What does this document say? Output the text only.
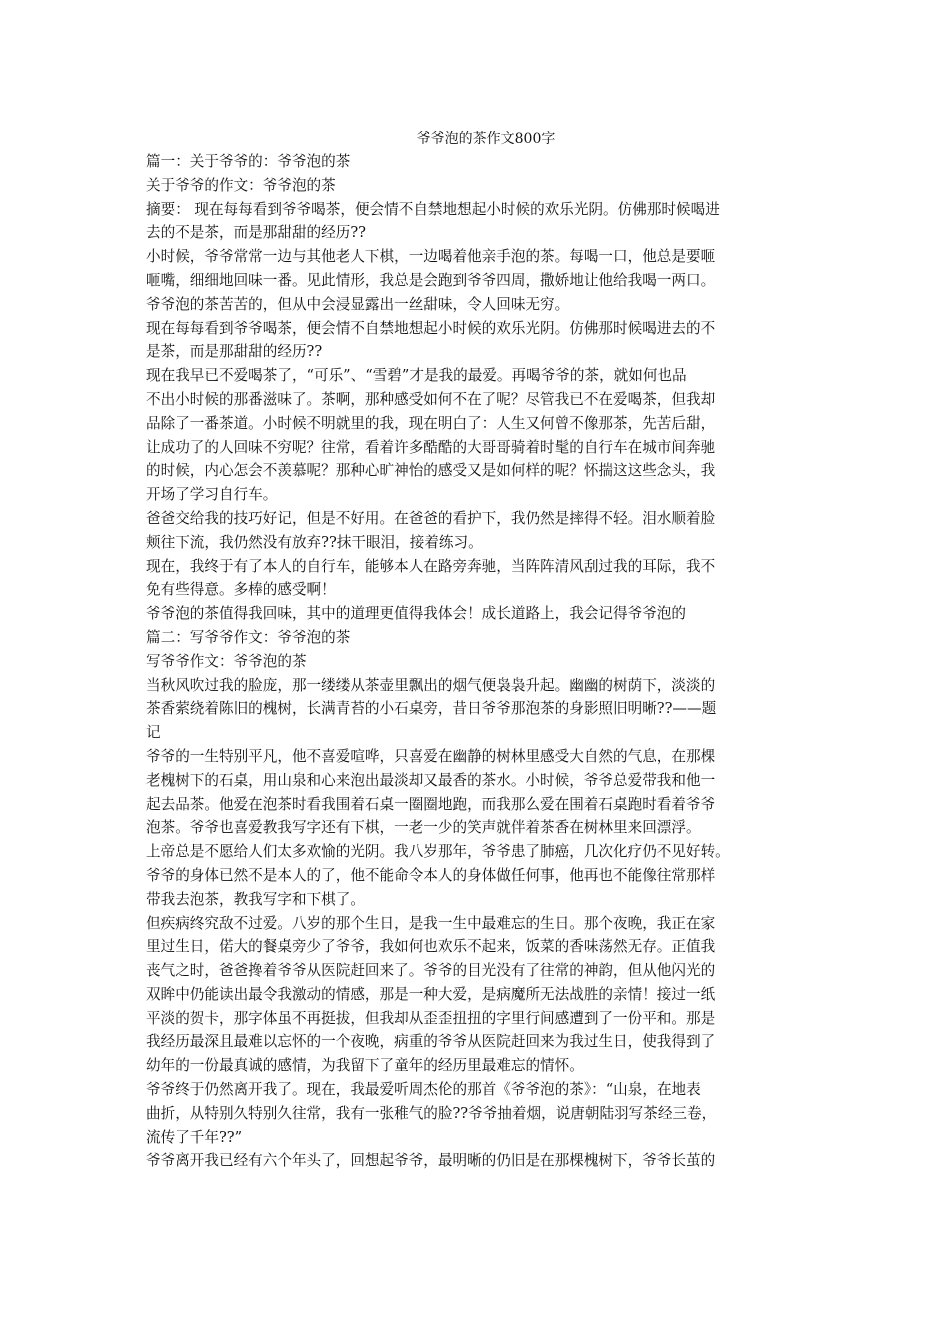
爷爷泡的茶作文800字
篇一：关于爷爷的：爷爷泡的茶
关于爷爷的作文：爷爷泡的茶
摘要： 现在每每看到爷爷喝茶，便会情不自禁地想起小时候的欢乐光阴。仿佛那时候喝进
去的不是茶，而是那甜甜的经历??
小时候，爷爷常常一边与其他老人下棋，一边喝着他亲手泡的茶。每喝一口，他总是要咂
咂嘴，细细地回味一番。见此情形，我总是会跑到爷爷四周，撒娇地让他给我喝一两口。
爷爷泡的茶苦苦的，但从中会浸显露出一丝甜味，令人回味无穷。
现在每每看到爷爷喝茶，便会情不自禁地想起小时候的欢乐光阴。仿佛那时候喝进去的不
是茶，而是那甜甜的经历??
现在我早已不爱喝茶了，“可乐”、“雪碧”才是我的最爱。再喝爷爷的茶，就如何也品
不出小时候的那番滋味了。茶啊，那种感受如何不在了呢？尽管我已不在爱喝茶，但我却
品除了一番茶道。小时候不明就里的我，现在明白了：人生又何曾不像那茶，先苦后甜，
让成功了的人回味不穷呢？往常，看着许多酷酷的大哥哥骑着时髦的自行车在城市间奔驰
的时候，内心怎会不羡慕呢？那种心旷神怡的感受又是如何样的呢？怀揣这这些念头，我
开场了学习自行车。
爸爸交给我的技巧好记，但是不好用。在爸爸的看护下，我仍然是摔得不轻。泪水顺着脸
颊往下流，我仍然没有放弃??抹干眼泪，接着练习。
现在，我终于有了本人的自行车，能够本人在路旁奔驰，当阵阵清风刮过我的耳际，我不
免有些得意。多棒的感受啊！
爷爷泡的茶值得我回味，其中的道理更值得我体会！成长道路上，我会记得爷爷泡的
篇二：写爷爷作文：爷爷泡的茶
写爷爷作文：爷爷泡的茶
当秋风吹过我的脸庞，那一缕缕从茶壶里飘出的烟气便袅袅升起。幽幽的树荫下，淡淡的
茶香萦绕着陈旧的槐树，长满青苔的小石桌旁，昔日爷爷那泡茶的身影照旧明晰??——题
记
爷爷的一生特别平凡，他不喜爱喧哗，只喜爱在幽静的树林里感受大自然的气息，在那棵
老槐树下的石桌，用山泉和心来泡出最淡却又最香的茶水。小时候，爷爷总爱带我和他一
起去品茶。他爱在泡茶时看我围着石桌一圈圈地跑，而我那么爱在围着石桌跑时看着爷爷
泡茶。爷爷也喜爱教我写字还有下棋，一老一少的笑声就伴着茶香在树林里来回漂浮。
上帝总是不愿给人们太多欢愉的光阴。我八岁那年，爷爷患了肺癌，几次化疗仍不见好转。
爷爷的身体已然不是本人的了，他不能命令本人的身体做任何事，他再也不能像往常那样
带我去泡茶，教我写字和下棋了。
但疾病终究敌不过爱。八岁的那个生日，是我一生中最难忘的生日。那个夜晚，我正在家
里过生日，偌大的餐桌旁少了爷爷，我如何也欢乐不起来，饭菜的香味荡然无存。正值我
丧气之时，爸爸搀着爷爷从医院赶回来了。爷爷的目光没有了往常的神韵，但从他闪光的
双眸中仍能读出最令我激动的情感，那是一种大爱，是病魔所无法战胜的亲情！接过一纸
平淡的贺卡，那字体虽不再挺拔，但我却从歪歪扭扭的字里行间感遭到了一份平和。那是
我经历最深且最难以忘怀的一个夜晚，病重的爷爷从医院赶回来为我过生日，使我得到了
幼年的一份最真诚的感情，为我留下了童年的经历里最难忘的情怀。
爷爷终于仍然离开我了。现在，我最爱听周杰伦的那首《爷爷泡的茶》：“山泉，在地表
曲折，从特别久特别久往常，我有一张稚气的脸??爷爷抽着烟，说唐朝陆羽写茶经三卷，
流传了千年??”
爷爷离开我已经有六个年头了，回想起爷爷，最明晰的仍旧是在那棵槐树下，爷爷长茧的
